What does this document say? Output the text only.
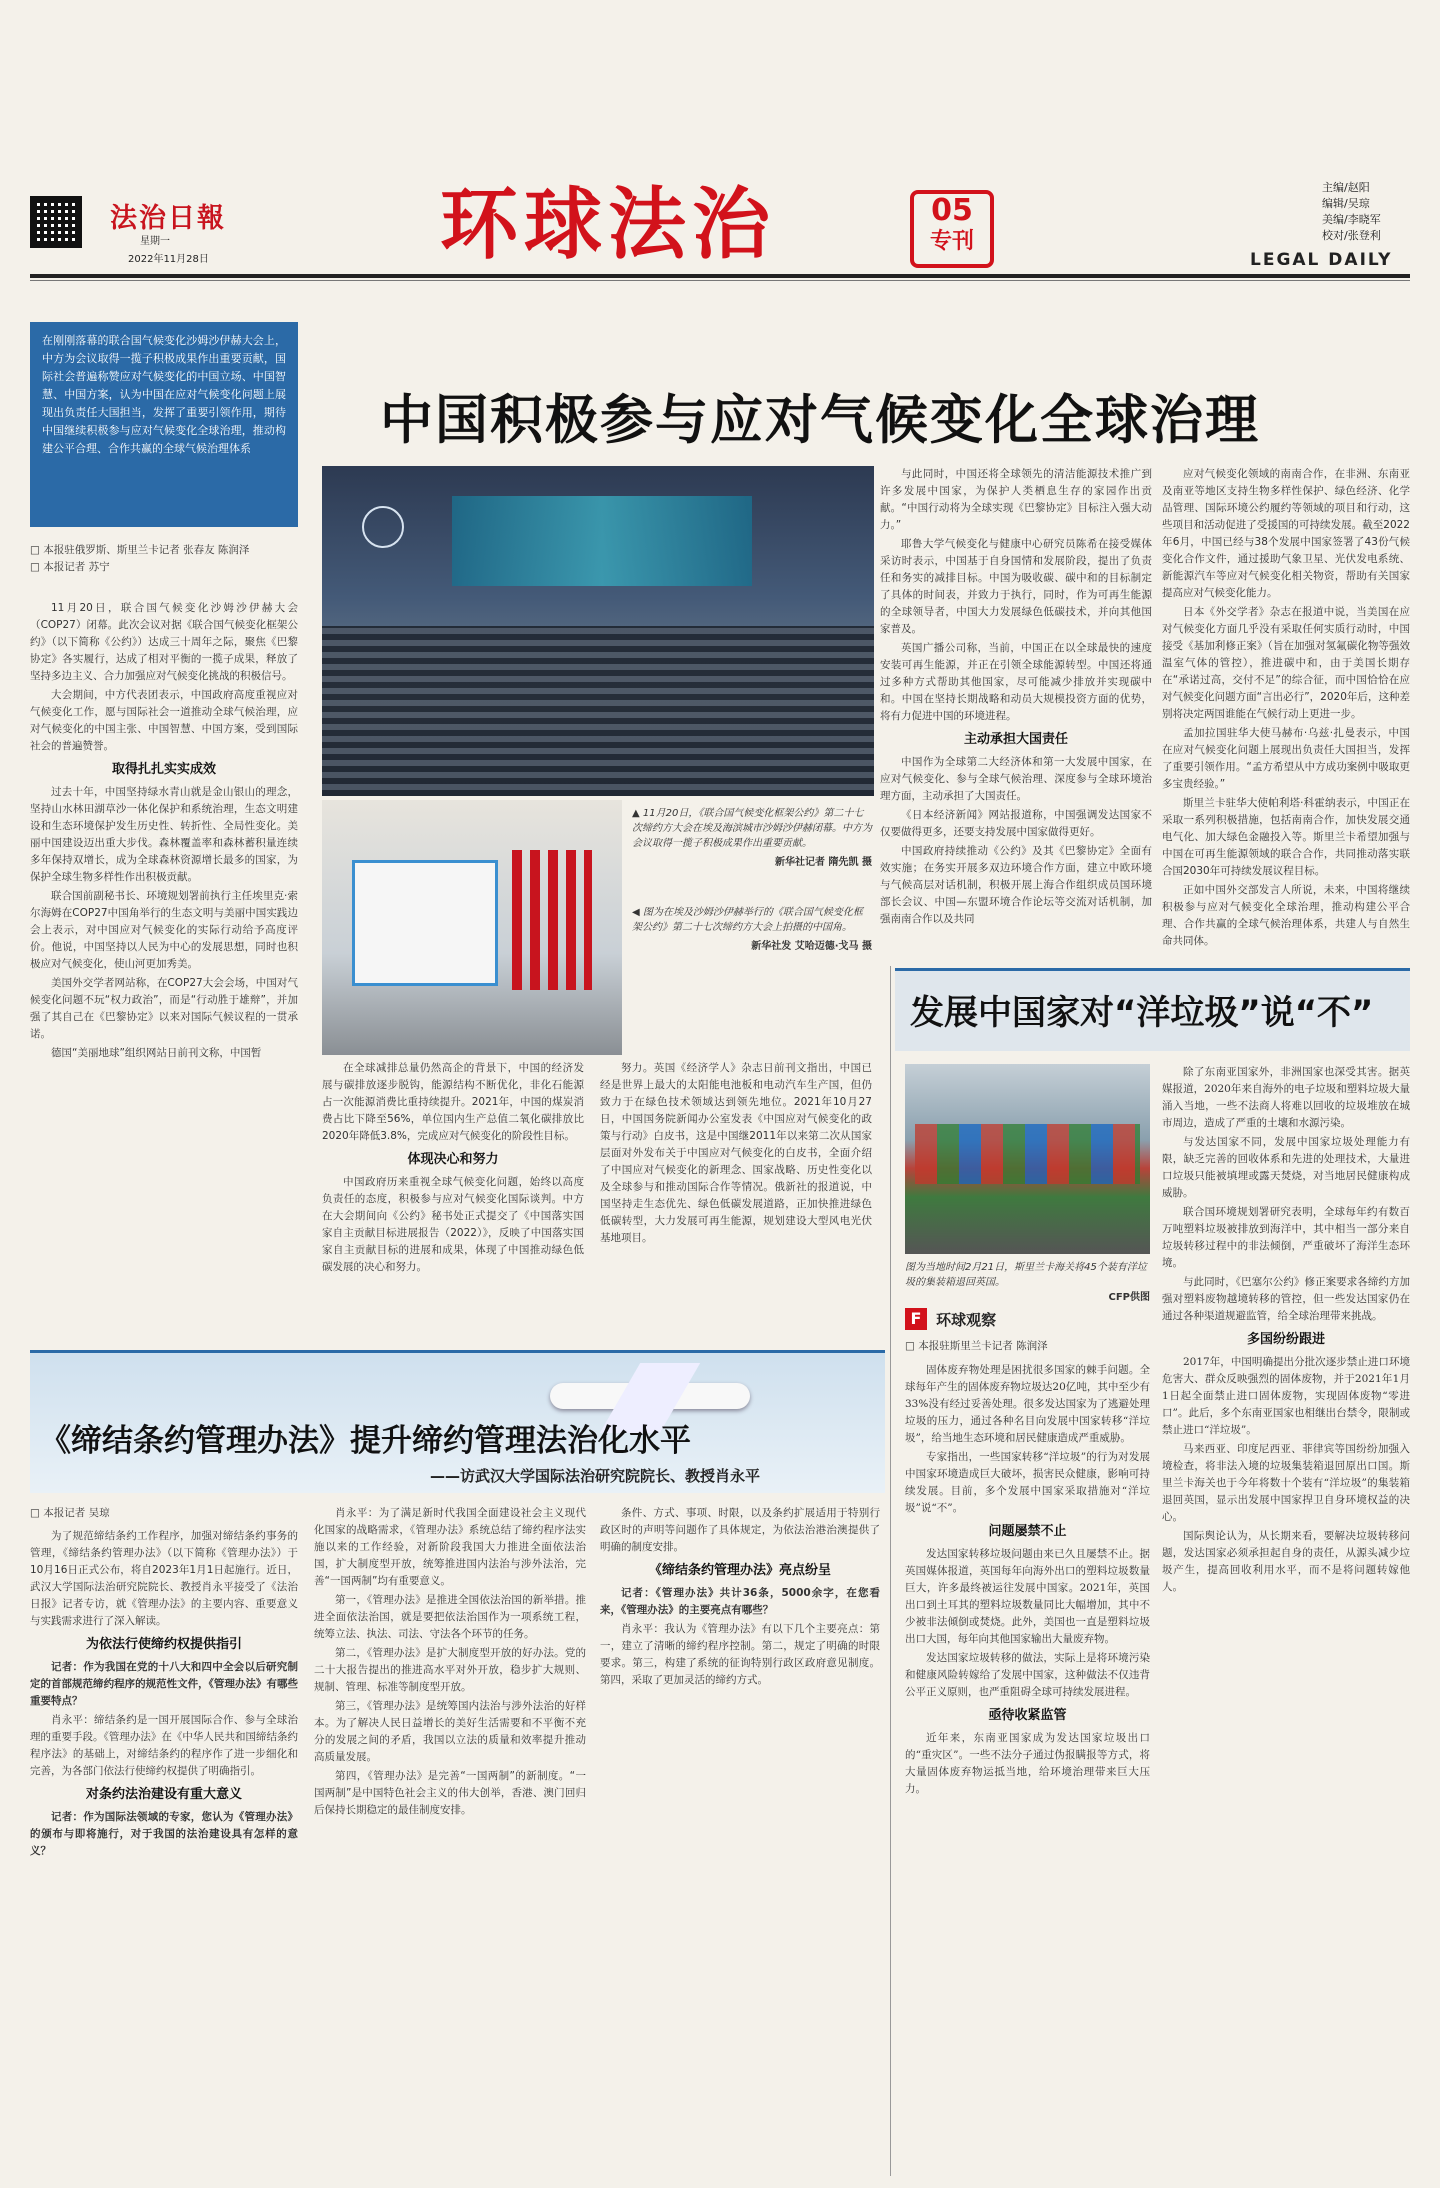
法治日報
星期一
2022年11月28日	环球法治	05
专刊
主编/赵阳
编辑/吴琼
美编/李晓军
校对/张登利
LEGAL DAILY
在刚刚落幕的联合国气候变化沙姆沙伊赫大会上，中方为会议取得一揽子积极成果作出重要贡献，国际社会普遍称赞应对气候变化的中国立场、中国智慧、中国方案，认为中国在应对气候变化问题上展现出负责任大国担当，发挥了重要引领作用，期待中国继续积极参与应对气候变化全球治理，推动构建公平合理、合作共赢的全球气候治理体系	中国积极参与应对气候变化全球治理
□ 本报驻俄罗斯、斯里兰卡记者 张春友 陈润泽
□ 本报记者 苏宁

11月20日，联合国气候变化沙姆沙伊赫大会（COP27）闭幕。此次会议对据《联合国气候变化框架公约》（以下简称《公约》）达成三十周年之际，聚焦《巴黎协定》各实履行，达成了相对平衡的一揽子成果，释放了坚持多边主义、合力加强应对气候变化挑战的积极信号。

大会期间，中方代表团表示，中国政府高度重视应对气候变化工作，愿与国际社会一道推动全球气候治理，应对气候变化的中国主张、中国智慧、中国方案，受到国际社会的普遍赞誉。

取得扎扎实实成效

过去十年，中国坚持绿水青山就是金山银山的理念，坚持山水林田湖草沙一体化保护和系统治理，生态文明建设和生态环境保护发生历史性、转折性、全局性变化。美丽中国建设迈出重大步伐。森林覆盖率和森林蓄积量连续多年保持双增长，成为全球森林资源增长最多的国家，为保护全球生物多样性作出积极贡献。

联合国前副秘书长、环境规划署前执行主任埃里克·索尔海姆在COP27中国角举行的生态文明与美丽中国实践边会上表示，对中国应对气候变化的实际行动给予高度评价。他说，中国坚持以人民为中心的发展思想，同时也积极应对气候变化，使山河更加秀美。

美国外交学者网站称，在COP27大会会场，中国对气候变化问题不玩“权力政治”，而是“行动胜于雄辩”，并加强了其自己在《巴黎协定》以来对国际气候议程的一贯承诺。

德国“美丽地球”组织网站日前刊文称，中国暂

▲ 11月20日，《联合国气候变化框架公约》第二十七次缔约方大会在埃及海滨城市沙姆沙伊赫闭幕。中方为会议取得一揽子积极成果作出重要贡献。
新华社记者 隋先凯 摄
◀ 图为在埃及沙姆沙伊赫举行的《联合国气候变化框架公约》第二十七次缔约方大会上拍摄的中国角。
新华社发 艾哈迈德·戈马 摄

在全球减排总量仍然高企的背景下，中国的经济发展与碳排放逐步脱钩，能源结构不断优化，非化石能源占一次能源消费比重持续提升。2021年，中国的煤炭消费占比下降至56%，单位国内生产总值二氧化碳排放比2020年降低3.8%，完成应对气候变化的阶段性目标。

体现决心和努力

中国政府历来重视全球气候变化问题，始终以高度负责任的态度，积极参与应对气候变化国际谈判。中方在大会期间向《公约》秘书处正式提交了《中国落实国家自主贡献目标进展报告（2022）》，反映了中国落实国家自主贡献目标的进展和成果，体现了中国推动绿色低碳发展的决心和努力。

努力。英国《经济学人》杂志日前刊文指出，中国已经是世界上最大的太阳能电池板和电动汽车生产国，但仍致力于在绿色技术领域达到领先地位。2021年10月27日，中国国务院新闻办公室发表《中国应对气候变化的政策与行动》白皮书，这是中国继2011年以来第二次从国家层面对外发布关于中国应对气候变化的白皮书，全面介绍了中国应对气候变化的新理念、国家战略、历史性变化以及全球参与和推动国际合作等情况。俄新社的报道说，中国坚持走生态优先、绿色低碳发展道路，正加快推进绿色低碳转型，大力发展可再生能源，规划建设大型风电光伏基地项目。

与此同时，中国还将全球领先的清洁能源技术推广到许多发展中国家，为保护人类栖息生存的家园作出贡献。“中国行动将为全球实现《巴黎协定》目标注入强大动力。”

耶鲁大学气候变化与健康中心研究员陈希在接受媒体采访时表示，中国基于自身国情和发展阶段，提出了负责任和务实的减排目标。中国为吸收碳、碳中和的目标制定了具体的时间表，并致力于执行，同时，作为可再生能源的全球领导者，中国大力发展绿色低碳技术，并向其他国家普及。

英国广播公司称，当前，中国正在以全球最快的速度安装可再生能源，并正在引领全球能源转型。中国还将通过多种方式帮助其他国家，尽可能减少排放并实现碳中和。中国在坚持长期战略和动员大规模投资方面的优势，将有力促进中国的环境进程。

主动承担大国责任

中国作为全球第二大经济体和第一大发展中国家，在应对气候变化、参与全球气候治理、深度参与全球环境治理方面，主动承担了大国责任。

《日本经济新闻》网站报道称，中国强调发达国家不仅要做得更多，还要支持发展中国家做得更好。

中国政府持续推动《公约》及其《巴黎协定》全面有效实施；在务实开展多双边环境合作方面，建立中欧环境与气候高层对话机制，积极开展上海合作组织成员国环境部长会议、中国—东盟环境合作论坛等交流对话机制，加强南南合作以及共同

应对气候变化领域的南南合作，在非洲、东南亚及南亚等地区支持生物多样性保护、绿色经济、化学品管理、国际环境公约履约等领域的项目和行动，这些项目和活动促进了受援国的可持续发展。截至2022年6月，中国已经与38个发展中国家签署了43份气候变化合作文件，通过援助气象卫星、光伏发电系统、新能源汽车等应对气候变化相关物资，帮助有关国家提高应对气候变化能力。

日本《外交学者》杂志在报道中说，当美国在应对气候变化方面几乎没有采取任何实质行动时，中国接受《基加利修正案》（旨在加强对氢氟碳化物等强效温室气体的管控），推进碳中和，由于美国长期存在“承诺过高，交付不足”的综合征，而中国恰恰在应对气候变化问题方面“言出必行”，2020年后，这种差别将决定两国谁能在气候行动上更进一步。

孟加拉国驻华大使马赫布·乌兹·扎曼表示，中国在应对气候变化问题上展现出负责任大国担当，发挥了重要引领作用。“孟方希望从中方成功案例中吸取更多宝贵经验。”

斯里兰卡驻华大使帕利塔·科霍纳表示，中国正在采取一系列积极措施，包括南南合作，加快发展交通电气化、加大绿色金融投入等。斯里兰卡希望加强与中国在可再生能源领域的联合合作，共同推动落实联合国2030年可持续发展议程目标。

正如中国外交部发言人所说，未来，中国将继续积极参与应对气候变化全球治理，推动构建公平合理、合作共赢的全球气候治理体系，共建人与自然生命共同体。

发展中国家对“洋垃圾”说“不”
图为当地时间2月21日，斯里兰卡海关将45个装有洋垃圾的集装箱退回英国。
CFP供图
F 环球观察
□ 本报驻斯里兰卡记者 陈润泽

固体废弃物处理是困扰很多国家的棘手问题。全球每年产生的固体废弃物垃圾达20亿吨，其中至少有33%没有经过妥善处理。很多发达国家为了逃避处理垃圾的压力，通过各种名目向发展中国家转移“洋垃圾”，给当地生态环境和居民健康造成严重威胁。

专家指出，一些国家转移“洋垃圾”的行为对发展中国家环境造成巨大破坏，损害民众健康，影响可持续发展。目前，多个发展中国家采取措施对“洋垃圾”说“不”。

问题屡禁不止

发达国家转移垃圾问题由来已久且屡禁不止。据英国媒体报道，英国每年向海外出口的塑料垃圾数量巨大，许多最终被运往发展中国家。2021年，英国出口到土耳其的塑料垃圾数量同比大幅增加，其中不少被非法倾倒或焚烧。此外，美国也一直是塑料垃圾出口大国，每年向其他国家输出大量废弃物。

发达国家垃圾转移的做法，实际上是将环境污染和健康风险转嫁给了发展中国家，这种做法不仅违背公平正义原则，也严重阻碍全球可持续发展进程。

亟待收紧监管

近年来，东南亚国家成为发达国家垃圾出口的“重灾区”。一些不法分子通过伪报瞒报等方式，将大量固体废弃物运抵当地，给环境治理带来巨大压力。

除了东南亚国家外，非洲国家也深受其害。据英媒报道，2020年来自海外的电子垃圾和塑料垃圾大量涌入当地，一些不法商人将难以回收的垃圾堆放在城市周边，造成了严重的土壤和水源污染。

与发达国家不同，发展中国家垃圾处理能力有限，缺乏完善的回收体系和先进的处理技术，大量进口垃圾只能被填埋或露天焚烧，对当地居民健康构成威胁。

联合国环境规划署研究表明，全球每年约有数百万吨塑料垃圾被排放到海洋中，其中相当一部分来自垃圾转移过程中的非法倾倒，严重破坏了海洋生态环境。

与此同时，《巴塞尔公约》修正案要求各缔约方加强对塑料废物越境转移的管控，但一些发达国家仍在通过各种渠道规避监管，给全球治理带来挑战。

多国纷纷跟进

2017年，中国明确提出分批次逐步禁止进口环境危害大、群众反映强烈的固体废物，并于2021年1月1日起全面禁止进口固体废物，实现固体废物“零进口”。此后，多个东南亚国家也相继出台禁令，限制或禁止进口“洋垃圾”。

马来西亚、印度尼西亚、菲律宾等国纷纷加强入境检查，将非法入境的垃圾集装箱退回原出口国。斯里兰卡海关也于今年将数十个装有“洋垃圾”的集装箱退回英国，显示出发展中国家捍卫自身环境权益的决心。

国际舆论认为，从长期来看，要解决垃圾转移问题，发达国家必须承担起自身的责任，从源头减少垃圾产生，提高回收利用水平，而不是将问题转嫁他人。

《缔结条约管理办法》提升缔约管理法治化水平
——访武汉大学国际法治研究院院长、教授肖永平
□ 本报记者 吴琼

为了规范缔结条约工作程序，加强对缔结条约事务的管理，《缔结条约管理办法》（以下简称《管理办法》）于10月16日正式公布，将自2023年1月1日起施行。近日，武汉大学国际法治研究院院长、教授肖永平接受了《法治日报》记者专访，就《管理办法》的主要内容、重要意义与实践需求进行了深入解读。

为依法行使缔约权提供指引

记者：作为我国在党的十八大和四中全会以后研究制定的首部规范缔约程序的规范性文件，《管理办法》有哪些重要特点？

肖永平：缔结条约是一国开展国际合作、参与全球治理的重要手段。《管理办法》在《中华人民共和国缔结条约程序法》的基础上，对缔结条约的程序作了进一步细化和完善，为各部门依法行使缔约权提供了明确指引。

对条约法治建设有重大意义

记者：作为国际法领域的专家，您认为《管理办法》的颁布与即将施行，对于我国的法治建设具有怎样的意义？

肖永平：为了满足新时代我国全面建设社会主义现代化国家的战略需求，《管理办法》系统总结了缔约程序法实施以来的工作经验，对新阶段我国大力推进全面依法治国，扩大制度型开放，统筹推进国内法治与涉外法治，完善“一国两制”均有重要意义。

第一，《管理办法》是推进全国依法治国的新举措。推进全面依法治国，就是要把依法治国作为一项系统工程，统筹立法、执法、司法、守法各个环节的任务。

第二，《管理办法》是扩大制度型开放的好办法。党的二十大报告提出的推进高水平对外开放，稳步扩大规则、规制、管理、标准等制度型开放。

第三，《管理办法》是统筹国内法治与涉外法治的好样本。为了解决人民日益增长的美好生活需要和不平衡不充分的发展之间的矛盾，我国以立法的质量和效率提升推动高质量发展。

第四，《管理办法》是完善“一国两制”的新制度。“一国两制”是中国特色社会主义的伟大创举，香港、澳门回归后保持长期稳定的最佳制度安排。

条件、方式、事项、时限，以及条约扩展适用于特别行政区时的声明等问题作了具体规定，为依法治港治澳提供了明确的制度安排。

《缔结条约管理办法》亮点纷呈

记者：《管理办法》共计36条，5000余字，在您看来，《管理办法》的主要亮点有哪些？

肖永平：我认为《管理办法》有以下几个主要亮点：第一，建立了清晰的缔约程序控制。第二，规定了明确的时限要求。第三，构建了系统的征询特别行政区政府意见制度。第四，采取了更加灵活的缔约方式。
